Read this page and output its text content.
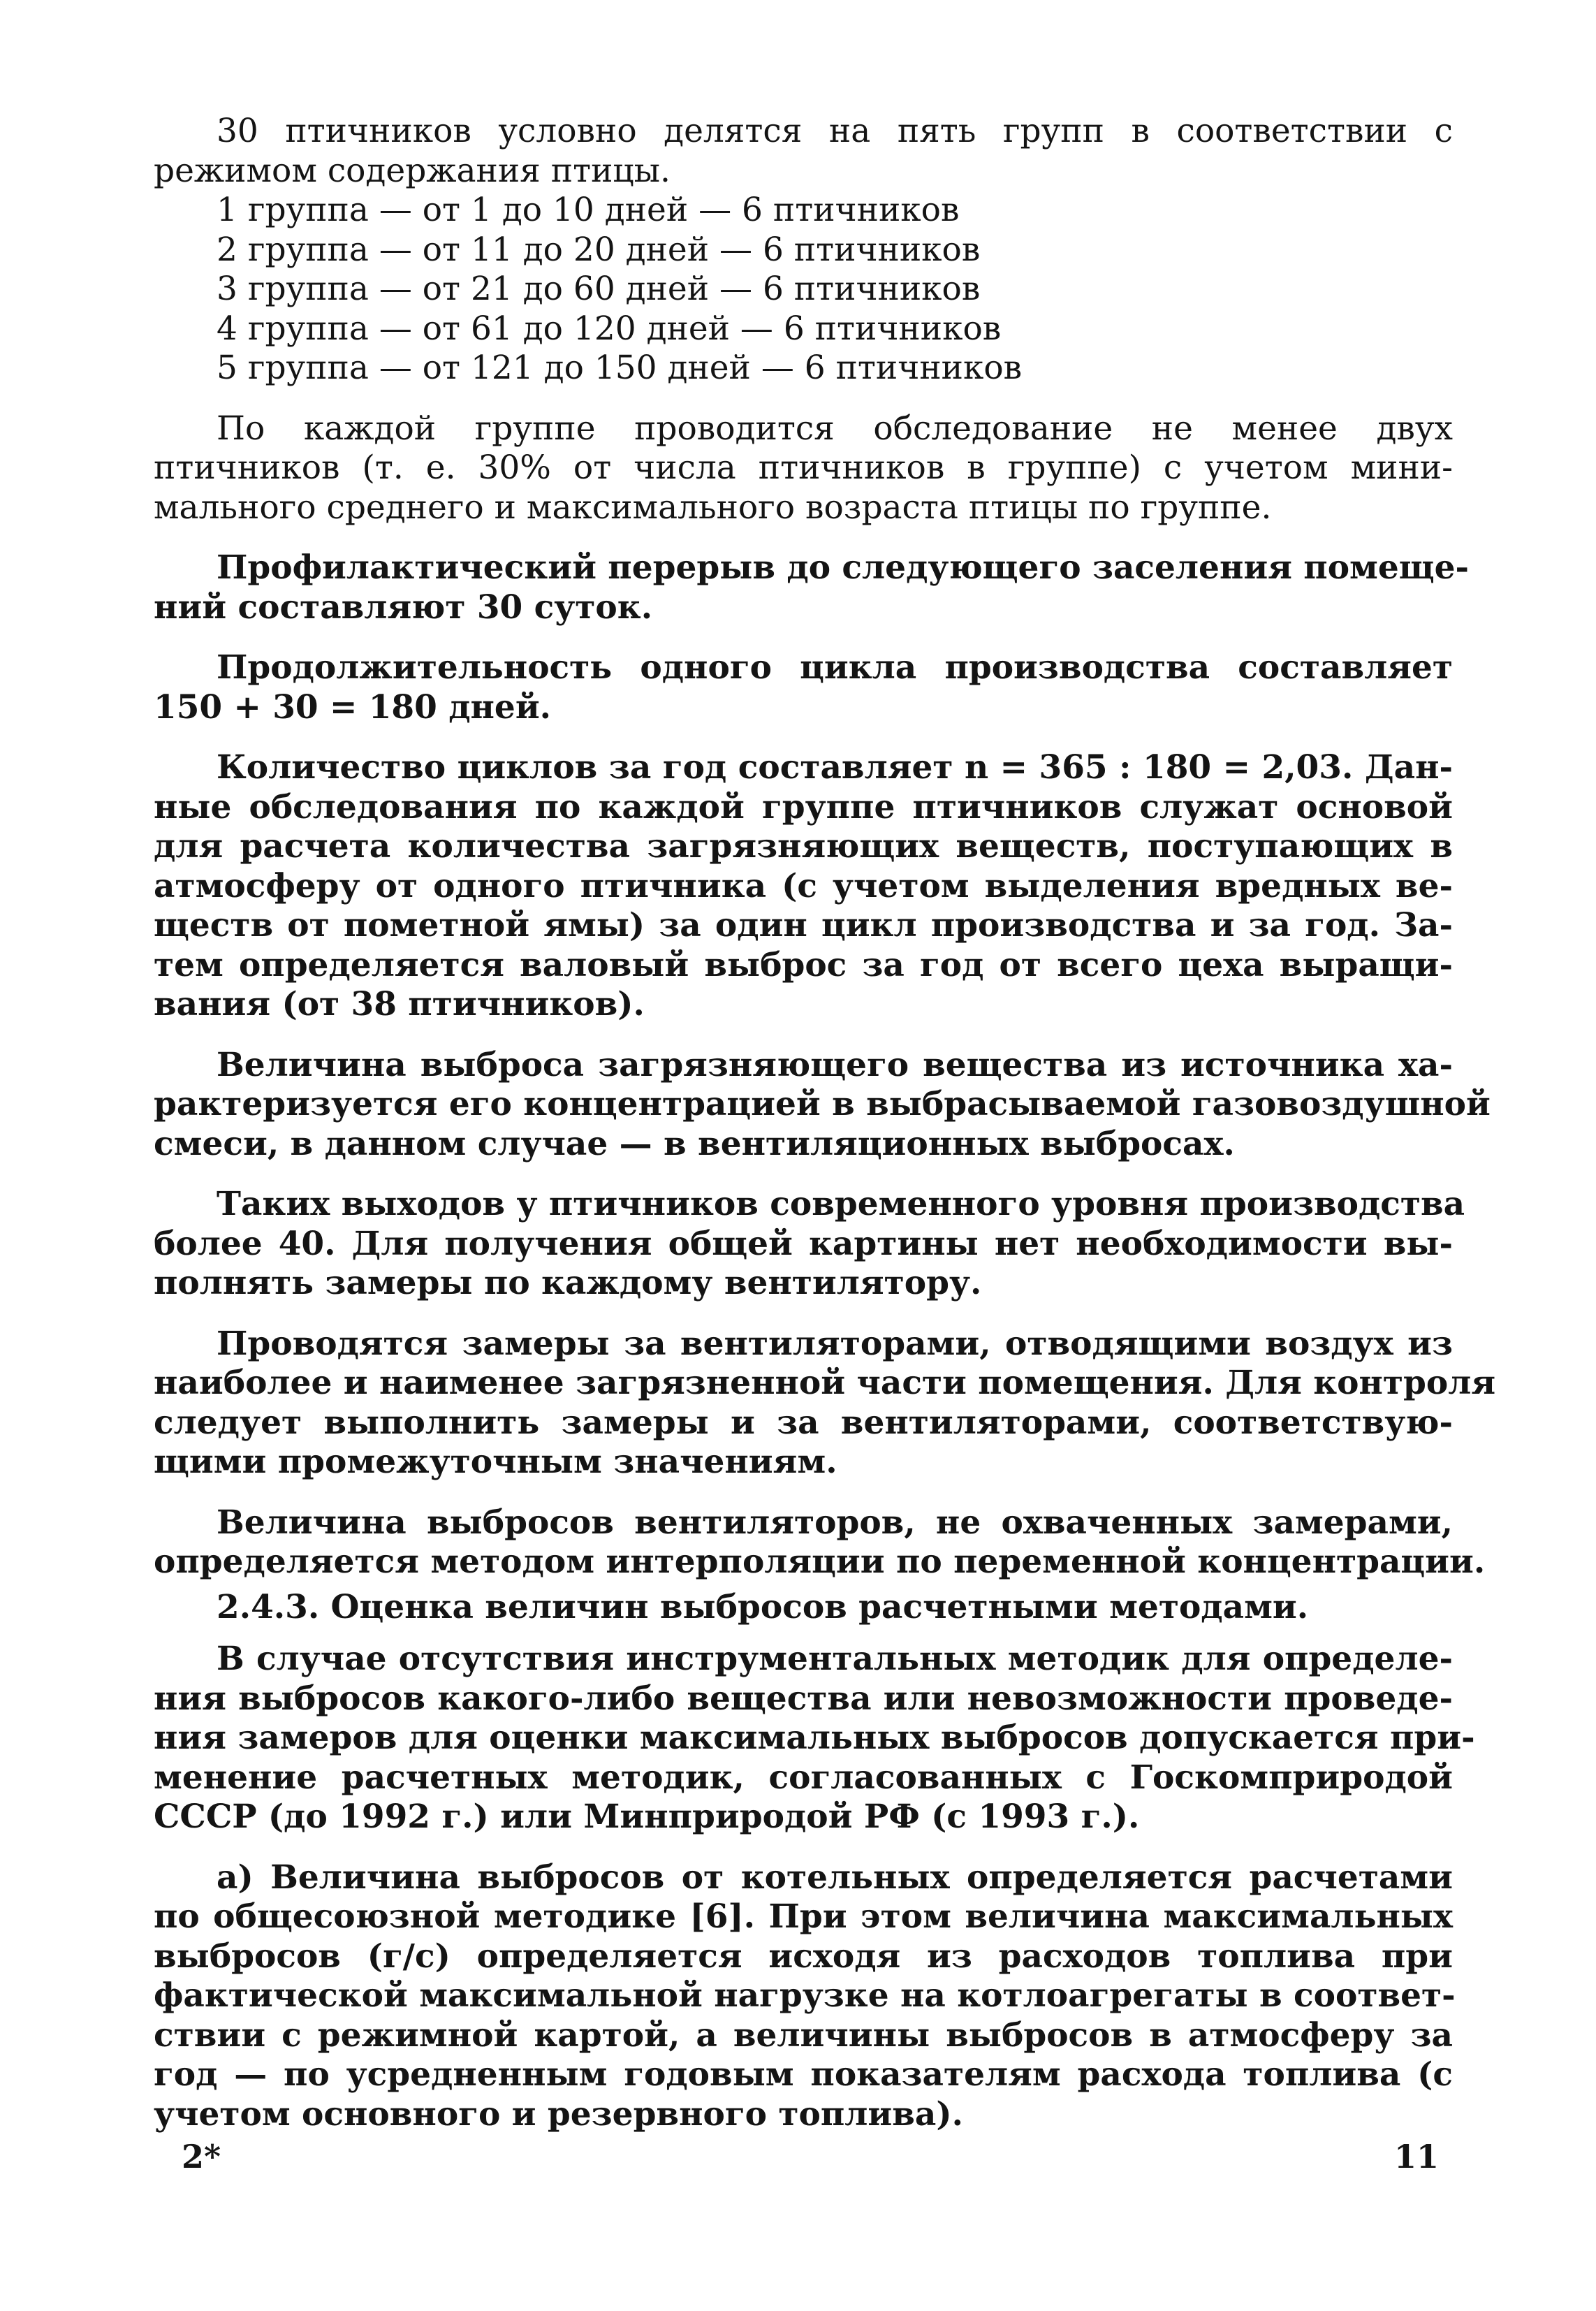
30 птичников условно делятся на пять групп в соответствии с

режимом содержания птицы.

1 группа — от 1 до 10 дней — 6 птичников
2 группа — от 11 до 20 дней — 6 птичников
3 группа — от 21 до 60 дней — 6 птичников
4 группа — от 61 до 120 дней — 6 птичников
5 группа — от 121 до 150 дней — 6 птичников

По каждой группе проводится обследование не менее двух

птичников (т. е. 30% от числа птичников в группе) с учетом мини-

мального среднего и максимального возраста птицы по группе.

Профилактический перерыв до следующего заселения помеще-

ний составляют 30 суток.

Продолжительность одного цикла производства составляет

150 + 30 = 180 дней.

Количество циклов за год составляет n = 365 : 180 = 2,03. Дан-

ные обследования по каждой группе птичников служат основой

для расчета количества загрязняющих веществ, поступающих в

атмосферу от одного птичника (с учетом выделения вредных ве-

ществ от пометной ямы) за один цикл производства и за год. За-

тем определяется валовый выброс за год от всего цеха выращи-

вания (от 38 птичников).

Величина выброса загрязняющего вещества из источника ха-

рактеризуется его концентрацией в выбрасываемой газовоздушной

смеси, в данном случае — в вентиляционных выбросах.

Таких выходов у птичников современного уровня производства

более 40. Для получения общей картины нет необходимости вы-

полнять замеры по каждому вентилятору.

Проводятся замеры за вентиляторами, отводящими воздух из

наиболее и наименее загрязненной части помещения. Для контроля

следует выполнить замеры и за вентиляторами, соответствую-

щими промежуточным значениям.

Величина выбросов вентиляторов, не охваченных замерами,

определяется методом интерполяции по переменной концентрации.

2.4.3. Оценка величин выбросов расчетными методами.

В случае отсутствия инструментальных методик для определе-

ния выбросов какого-либо вещества или невозможности проведе-

ния замеров для оценки максимальных выбросов допускается при-

менение расчетных методик, согласованных с Госкомприродой

СССР (до 1992 г.) или Минприродой РФ (с 1993 г.).

а) Величина выбросов от котельных определяется расчетами

по общесоюзной методике [6]. При этом величина максимальных

выбросов (г/с) определяется исходя из расходов топлива при

фактической максимальной нагрузке на котлоагрегаты в соответ-

ствии с режимной картой, а величины выбросов в атмосферу за

год — по усредненным годовым показателям расхода топлива (с

учетом основного и резервного топлива).

2*	11
